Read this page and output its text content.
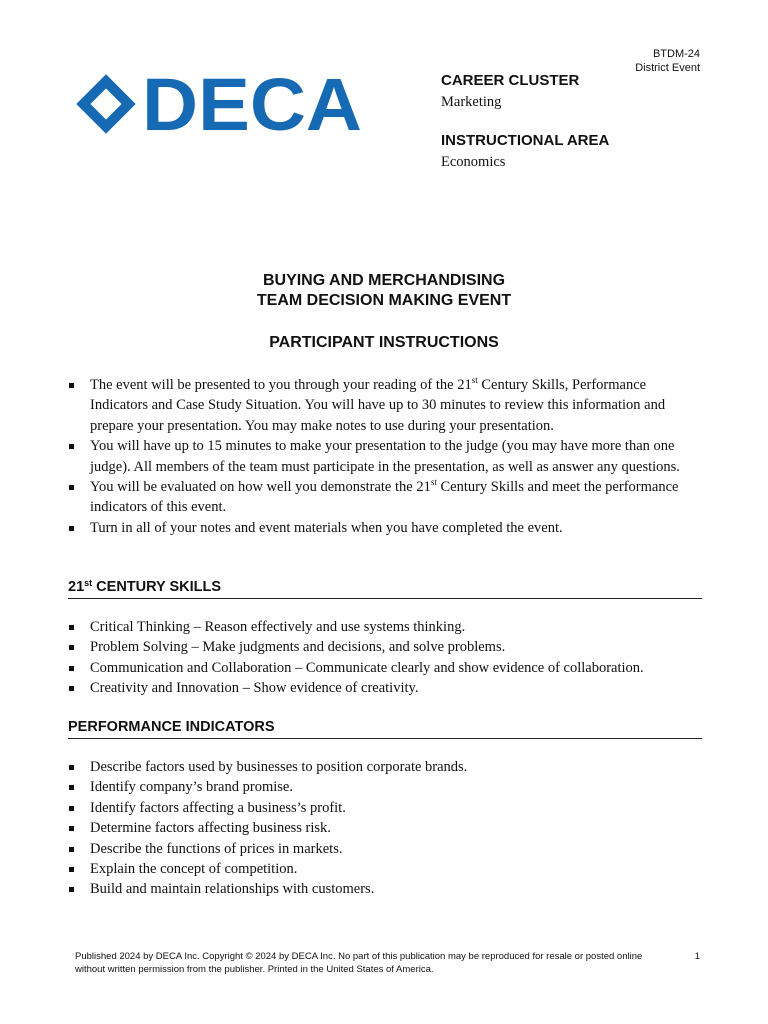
BTDM-24
District Event
DECA	CAREER CLUSTER
Marketing
INSTRUCTIONAL AREA
Economics
BUYING AND MERCHANDISING
TEAM DECISION MAKING EVENT
PARTICIPANT INSTRUCTIONS
The event will be presented to you through your reading of the 21st Century Skills, Performance Indicators and Case Study Situation. You will have up to 30 minutes to review this information and prepare your presentation. You may make notes to use during your presentation.
You will have up to 15 minutes to make your presentation to the judge (you may have more than one judge). All members of the team must participate in the presentation, as well as answer any questions.
You will be evaluated on how well you demonstrate the 21st Century Skills and meet the performance indicators of this event.
Turn in all of your notes and event materials when you have completed the event.
21st CENTURY SKILLS
Critical Thinking – Reason effectively and use systems thinking.
Problem Solving – Make judgments and decisions, and solve problems.
Communication and Collaboration – Communicate clearly and show evidence of collaboration.
Creativity and Innovation – Show evidence of creativity.
PERFORMANCE INDICATORS
Describe factors used by businesses to position corporate brands.
Identify company’s brand promise.
Identify factors affecting a business’s profit.
Determine factors affecting business risk.
Describe the functions of prices in markets.
Explain the concept of competition.
Build and maintain relationships with customers.
Published 2024 by DECA Inc. Copyright © 2024 by DECA Inc. No part of this publication may be reproduced for resale or posted online without written permission from the publisher. Printed in the United States of America.
1
